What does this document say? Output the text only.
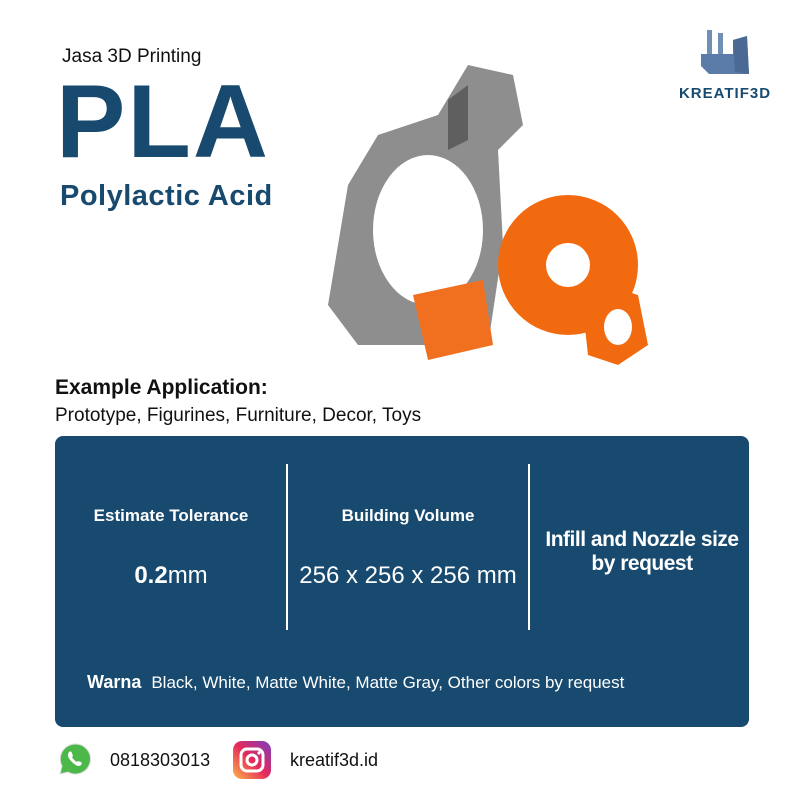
Jasa 3D Printing
PLA
Polylactic Acid
KREATIF3D
Example Application:
Prototype, Figurines, Furniture, Decor, Toys
Estimate Tolerance
0.2mm
Building Volume
256 x 256 x 256 mm
Infill and Nozzle size by request
Warna Black, White, Matte White, Matte Gray, Other colors by request
0818303013	kreatif3d.id
